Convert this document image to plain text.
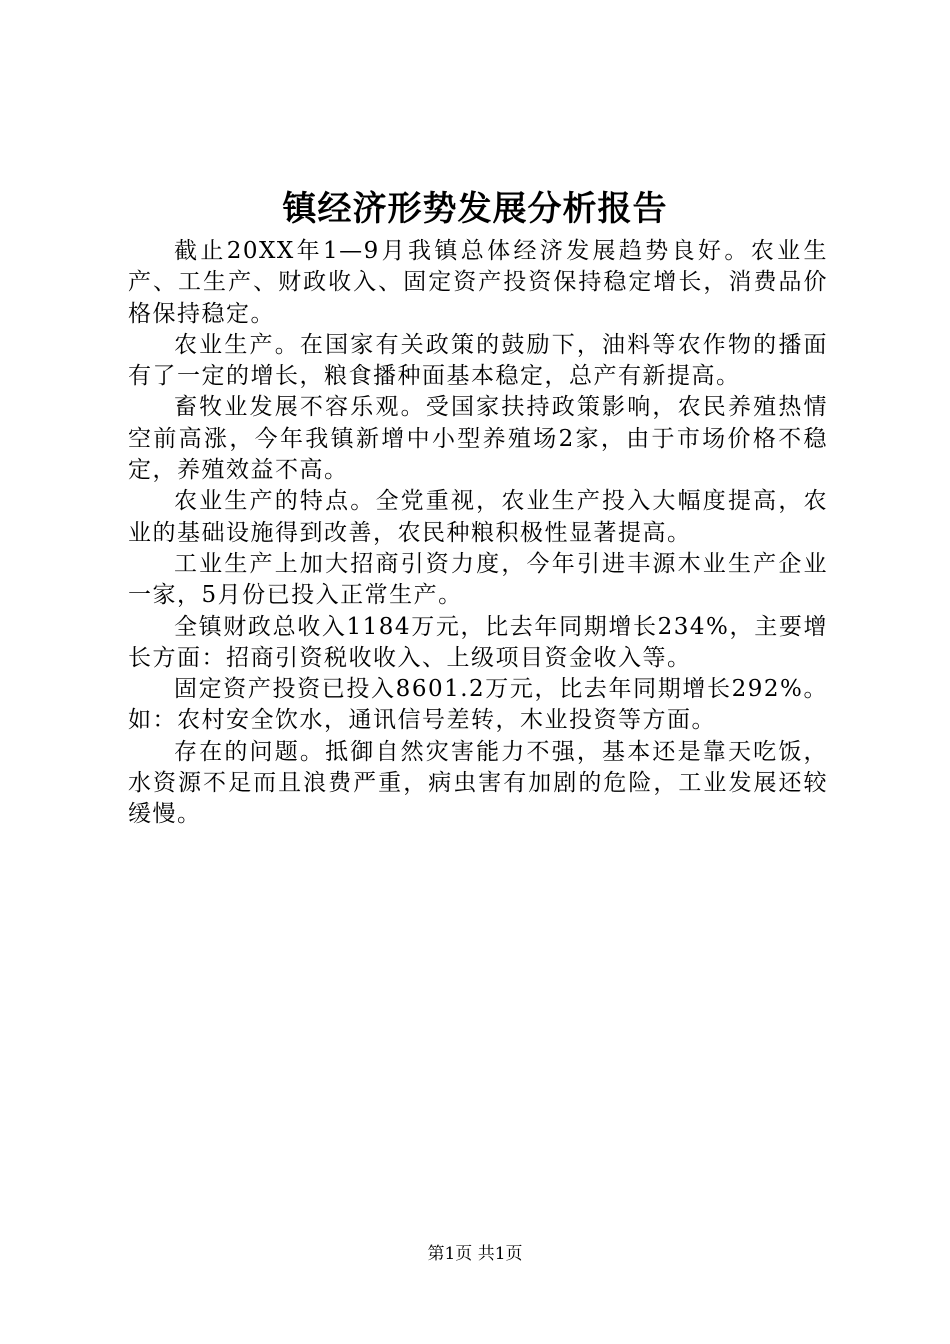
镇经济形势发展分析报告

截止20XX年1—9月我镇总体经济发展趋势良好。农业生产、工生产、财政收入、固定资产投资保持稳定增长，消费品价格保持稳定。

农业生产。在国家有关政策的鼓励下，油料等农作物的播面有了一定的增长，粮食播种面基本稳定，总产有新提高。

畜牧业发展不容乐观。受国家扶持政策影响，农民养殖热情空前高涨，今年我镇新增中小型养殖场2家，由于市场价格不稳定，养殖效益不高。

农业生产的特点。全党重视，农业生产投入大幅度提高，农业的基础设施得到改善，农民种粮积极性显著提高。

工业生产上加大招商引资力度，今年引进丰源木业生产企业一家，5月份已投入正常生产。

全镇财政总收入1184万元，比去年同期增长234%，主要增长方面：招商引资税收收入、上级项目资金收入等。

固定资产投资已投入8601.2万元，比去年同期增长292%。如：农村安全饮水，通讯信号差转，木业投资等方面。

存在的问题。抵御自然灾害能力不强，基本还是靠天吃饭，水资源不足而且浪费严重，病虫害有加剧的危险，工业发展还较缓慢。

第1页 共1页
